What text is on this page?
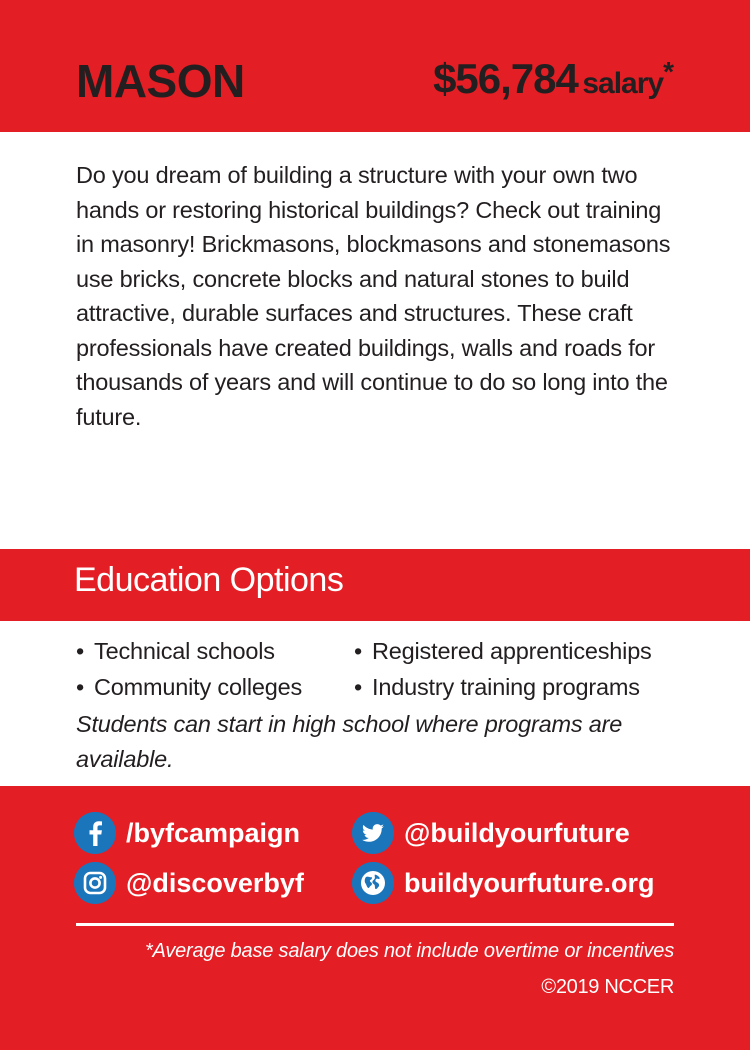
MASON	$56,784 salary*

Do you dream of building a structure with your own two hands or restoring historical buildings? Check out training in masonry! Brickmasons, blockmasons and stonemasons use bricks, concrete blocks and natural stones to build attractive, durable surfaces and structures. These craft professionals have created buildings, walls and roads for thousands of years and will continue to do so long into the future.

Education Options
• Technical schools
• Community colleges
• Registered apprenticeships
• Industry training programs

Students can start in high school where programs are available.

/byfcampaign	@buildyourfuture
@discoverbyf	buildyourfuture.org
*Average base salary does not include overtime or incentives
©2019 NCCER
